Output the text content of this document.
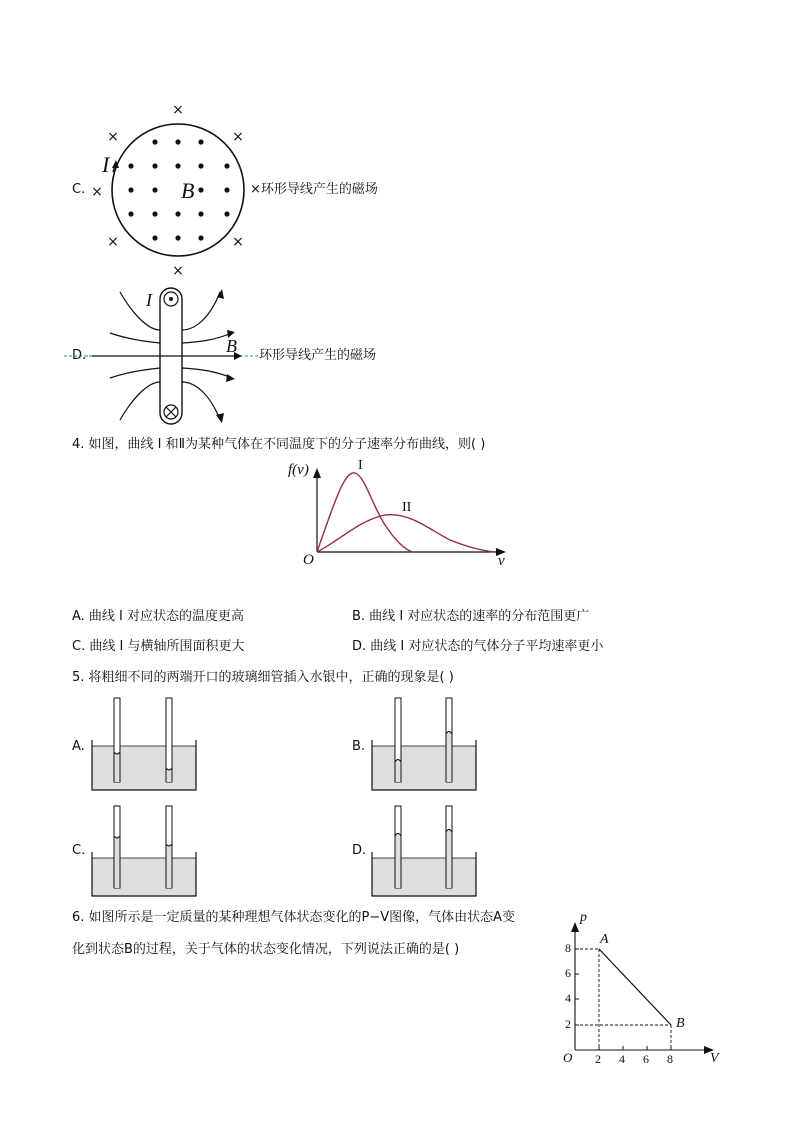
C.
×
×	×
×
×	×
×
I
B	×环形导线产生的磁场
D.
I
B 环形导线产生的磁场
4. 如图，曲线 I 和Ⅱ为某种气体在不同温度下的分子速率分布曲线，则( )
f(v)
v
O
I
II
A. 曲线 I 对应状态的温度更高	B. 曲线 I 对应状态的速率的分布范围更广
C. 曲线 I 与横轴所围面积更大	D. 曲线 I 对应状态的气体分子平均速率更小
5. 将粗细不同的两端开口的玻璃细管插入水银中，正确的现象是( )
A.	B.
C.	D.
6. 如图所示是一定质量的某种理想气体状态变化的P−V图像，气体由状态A变
化到状态B的过程，关于气体的状态变化情况，下列说法正确的是( )
p
V
O
A
B
2
4
6
8
2 4 6 8
